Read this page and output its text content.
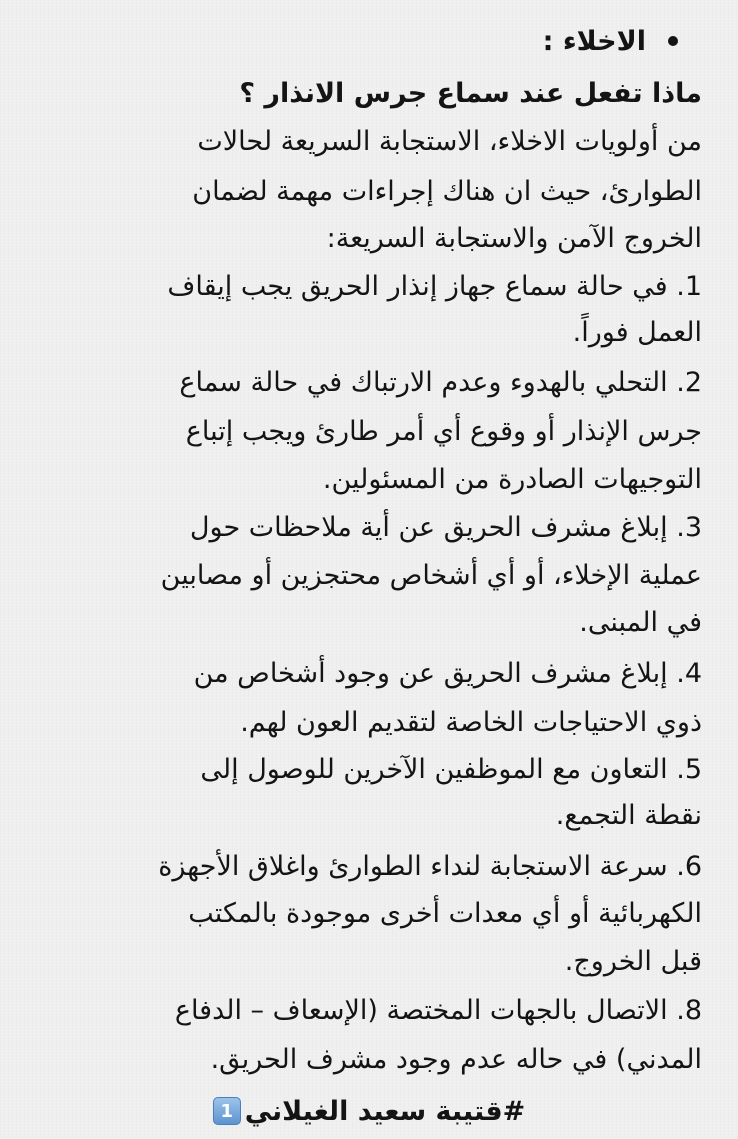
الاخلاء :
ماذا تفعل عند سماع جرس الانذار ؟
من أولويات الاخلاء، الاستجابة السريعة لحالات
الطوارئ، حيث ان هناك إجراءات مهمة لضمان
الخروج الآمن والاستجابة السريعة:
1. في حالة سماع جهاز إنذار الحريق يجب إيقاف
العمل فوراً.
2. التحلي بالهدوء وعدم الارتباك في حالة سماع
جرس الإنذار أو وقوع أي أمر طارئ ويجب إتباع
التوجيهات الصادرة من المسئولين.
3. إبلاغ مشرف الحريق عن أية ملاحظات حول
عملية الإخلاء، أو أي أشخاص محتجزين أو مصابين
في المبنى.
4. إبلاغ مشرف الحريق عن وجود أشخاص من
ذوي الاحتياجات الخاصة لتقديم العون لهم.
5. التعاون مع الموظفين الآخرين للوصول إلى
نقطة التجمع.
6. سرعة الاستجابة لنداء الطوارئ واغلاق الأجهزة
الكهربائية أو أي معدات أخرى موجودة بالمكتب
قبل الخروج.
8. الاتصال بالجهات المختصة (الإسعاف – الدفاع
المدني) في حاله عدم وجود مشرف الحريق.
#قتيبة سعيد الغيلاني
1
